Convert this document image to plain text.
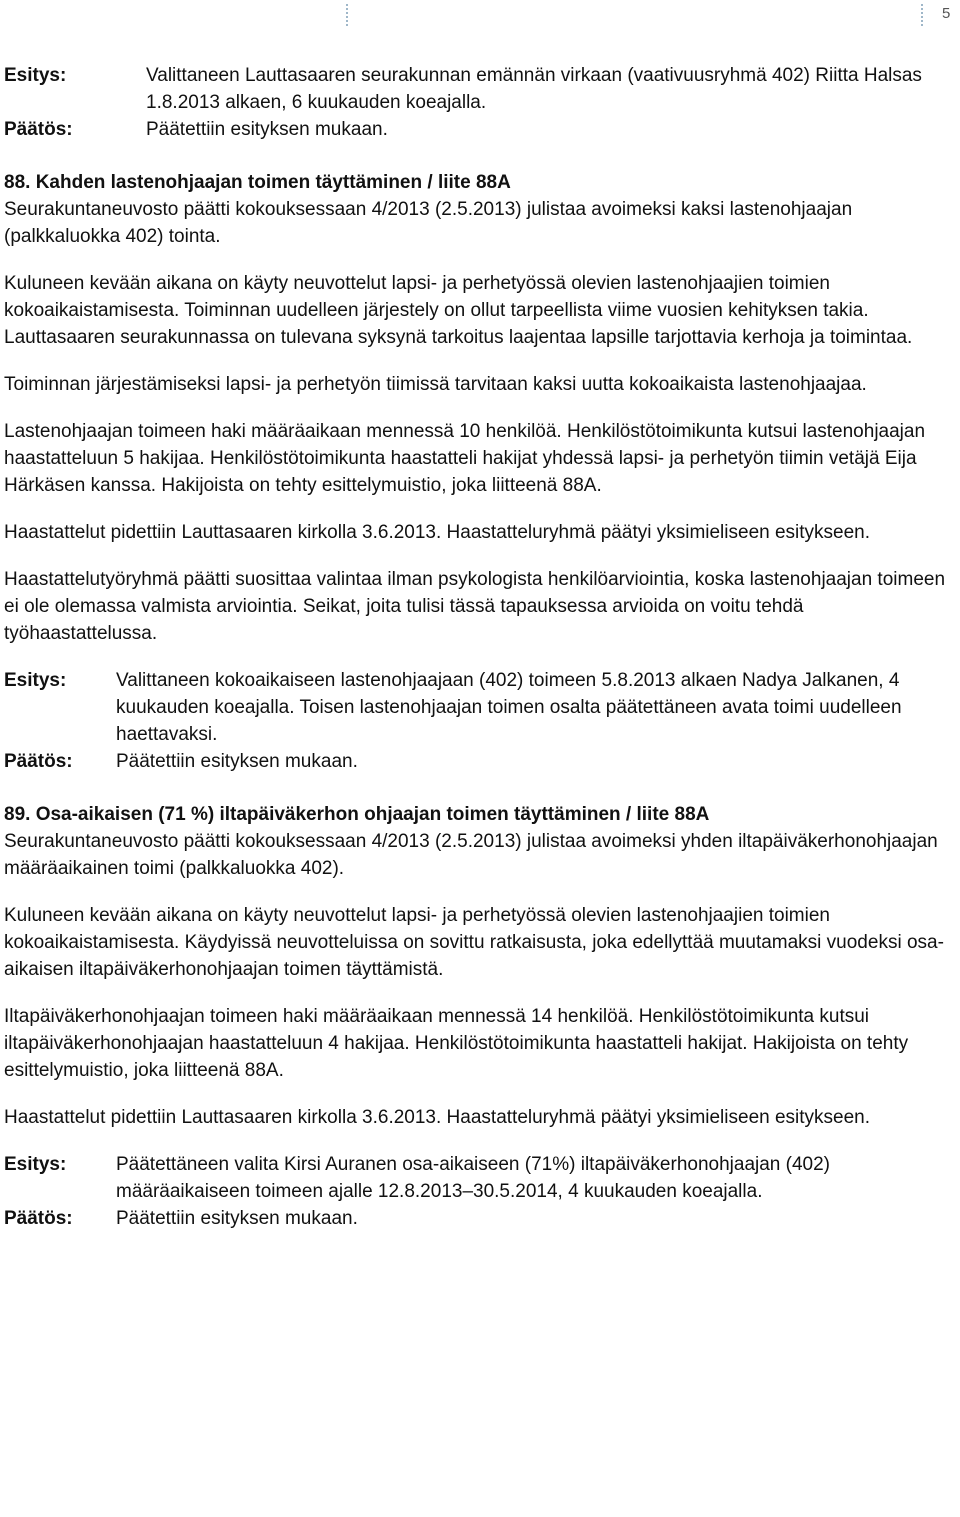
5
Esitys:	Valittaneen Lauttasaaren seurakunnan emännän virkaan (vaativuusryhmä 402) Riitta Halsas 1.8.2013 alkaen, 6 kuukauden koeajalla.
Päätös:	Päätettiin esityksen mukaan.
88. Kahden lastenohjaajan toimen täyttäminen / liite 88A
Seurakuntaneuvosto päätti kokouksessaan 4/2013 (2.5.2013) julistaa avoimeksi kaksi lastenohjaajan (palkkaluokka 402) tointa.
Kuluneen kevään aikana on käyty neuvottelut lapsi- ja perhetyössä olevien lastenohjaajien toimien kokoaikaistamisesta. Toiminnan uudelleen järjestely on ollut tarpeellista viime vuosien kehityksen takia. Lauttasaaren seurakunnassa on tulevana syksynä tarkoitus laajentaa lapsille tarjottavia kerhoja ja toimintaa.
Toiminnan järjestämiseksi lapsi- ja perhetyön tiimissä tarvitaan kaksi uutta kokoaikaista lastenohjaajaa.
Lastenohjaajan toimeen haki määräaikaan mennessä 10 henkilöä. Henkilöstötoimikunta kutsui lastenohjaajan haastatteluun 5 hakijaa. Henkilöstötoimikunta haastatteli hakijat yhdessä lapsi- ja perhetyön tiimin vetäjä Eija Härkäsen kanssa. Hakijoista on tehty esittelymuistio, joka liitteenä 88A.
Haastattelut pidettiin Lauttasaaren kirkolla 3.6.2013. Haastatteluryhmä päätyi yksimieliseen esitykseen.
Haastattelutyöryhmä päätti suosittaa valintaa ilman psykologista henkilöarviointia, koska lastenohjaajan toimeen ei ole olemassa valmista arviointia. Seikat, joita tulisi tässä tapauksessa arvioida on voitu tehdä työhaastattelussa.
Esitys:	Valittaneen kokoaikaiseen lastenohjaajaan (402) toimeen 5.8.2013 alkaen Nadya Jalkanen, 4 kuukauden koeajalla. Toisen lastenohjaajan toimen osalta päätettäneen avata toimi uudelleen haettavaksi.
Päätös:	Päätettiin esityksen mukaan.
89. Osa-aikaisen (71 %) iltapäiväkerhon ohjaajan toimen täyttäminen / liite 88A
Seurakuntaneuvosto päätti kokouksessaan 4/2013 (2.5.2013) julistaa avoimeksi yhden iltapäiväkerhonohjaajan määräaikainen toimi (palkkaluokka 402).
Kuluneen kevään aikana on käyty neuvottelut lapsi- ja perhetyössä olevien lastenohjaajien toimien kokoaikaistamisesta. Käydyissä neuvotteluissa on sovittu ratkaisusta, joka edellyttää muutamaksi vuodeksi osa-aikaisen iltapäiväkerhonohjaajan toimen täyttämistä.
Iltapäiväkerhonohjaajan toimeen haki määräaikaan mennessä 14 henkilöä. Henkilöstötoimikunta kutsui iltapäiväkerhonohjaajan haastatteluun 4 hakijaa. Henkilöstötoimikunta haastatteli hakijat. Hakijoista on tehty esittelymuistio, joka liitteenä 88A.
Haastattelut pidettiin Lauttasaaren kirkolla 3.6.2013. Haastatteluryhmä päätyi yksimieliseen esitykseen.
Esitys:	Päätettäneen valita Kirsi Auranen osa-aikaiseen (71%) iltapäiväkerhonohjaajan (402) määräaikaiseen toimeen ajalle 12.8.2013–30.5.2014, 4 kuukauden koeajalla.
Päätös:	Päätettiin esityksen mukaan.
